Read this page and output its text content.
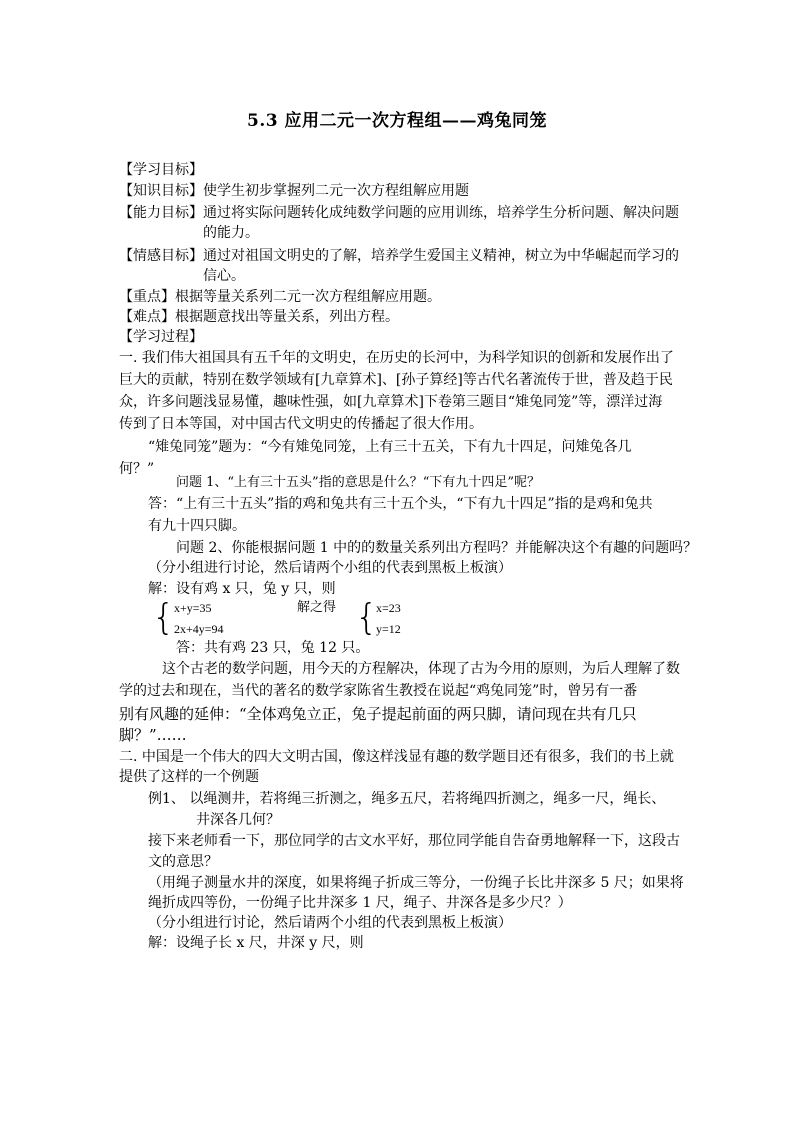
5.3 应用二元一次方程组——鸡兔同笼
【学习目标】
【知识目标】使学生初步掌握列二元一次方程组解应用题
【能力目标】通过将实际问题转化成纯数学问题的应用训练，培养学生分析问题、解决问题
的能力。
【情感目标】通过对祖国文明史的了解，培养学生爱国主义精神，树立为中华崛起而学习的
信心。
【重点】根据等量关系列二元一次方程组解应用题。
【难点】根据题意找出等量关系，列出方程。
【学习过程】
一. 我们伟大祖国具有五千年的文明史，在历史的长河中，为科学知识的创新和发展作出了
巨大的贡献，特别在数学领域有[九章算术]、[孙子算经]等古代名著流传于世，普及趋于民
众，许多问题浅显易懂，趣味性强，如[九章算术]下卷第三题目“雉兔同笼”等，漂洋过海
传到了日本等国，对中国古代文明史的传播起了很大作用。
“雉兔同笼”题为：“今有雉兔同笼，上有三十五关，下有九十四足，问雉兔各几
何？”
问题 1、“上有三十五头”指的意思是什么？“下有九十四足”呢？
答：“上有三十五头”指的鸡和兔共有三十五个头，“下有九十四足”指的是鸡和兔共
有九十四只脚。
问题 2、你能根据问题 1 中的的数量关系列出方程吗？并能解决这个有趣的问题吗？
（分小组进行讨论，然后请两个小组的代表到黑板上板演）
解：设有鸡 x 只，兔 y 只，则
{ x+y=35
2x+4y=94
解之得 {
x=23
y=12
答：共有鸡 23 只，兔 12 只。
这个古老的数学问题，用今天的方程解决，体现了古为今用的原则，为后人理解了数
学的过去和现在，当代的著名的数学家陈省生教授在说起“鸡兔同笼”时，曾另有一番
别有风趣的延伸：“全体鸡兔立正，兔子提起前面的两只脚，请问现在共有几只
脚？”……
二. 中国是一个伟大的四大文明古国，像这样浅显有趣的数学题目还有很多，我们的书上就
提供了这样的一个例题
例1、 以绳测井，若将绳三折测之，绳多五尺，若将绳四折测之，绳多一尺，绳长、
井深各几何？
接下来老师看一下，那位同学的古文水平好，那位同学能自告奋勇地解释一下，这段古
文的意思？
（用绳子测量水井的深度，如果将绳子折成三等分，一份绳子长比井深多 5 尺；如果将
绳折成四等份，一份绳子比井深多 1 尺，绳子、井深各是多少尺？）
（分小组进行讨论，然后请两个小组的代表到黑板上板演）
解：设绳子长 x 尺，井深 y 尺，则
